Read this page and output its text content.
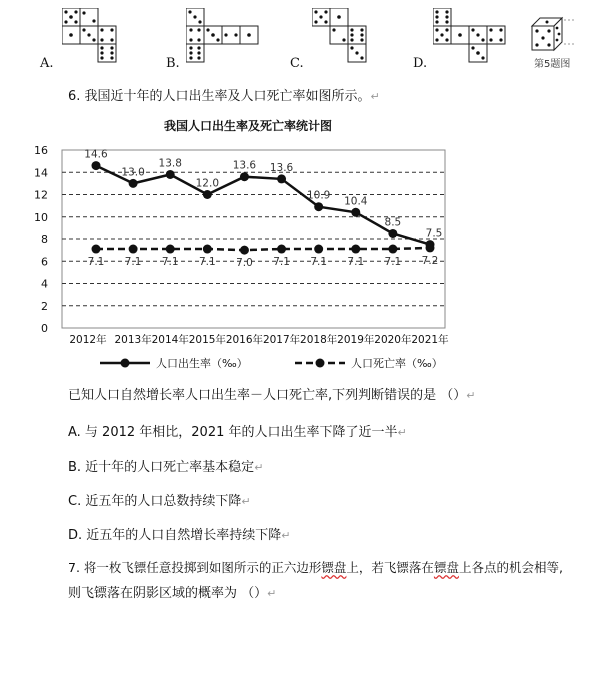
A.	B.	C.	D.	第5题图
6. 我国近十年的人口出生率及人口死亡率如图所示。↵
我国人口出生率及死亡率统计图
0
2
4
6
8
10
12
14
16
2012年 2013年 2014年 2015年 2016年 2017年 2018年 2019年 2020年 2021年
14.6
13.0
13.8
12.0
13.6 13.6
10.9 10.4
8.5
7.5
7.1 7.1 7.1 7.1 7.0 7.1 7.1 7.1 7.1 7.2
人口出生率（‰）	人口死亡率（‰）
已知人口自然增长率人口出生率－人口死亡率,下列判断错误的是 （）↵
A. 与 2012 年相比，2021 年的人口出生率下降了近一半↵
B. 近十年的人口死亡率基本稳定↵
C. 近五年的人口总数持续下降↵
D. 近五年的人口自然增长率持续下降↵
7. 将一枚飞镖任意投掷到如图所示的正六边形镖盘上，若飞镖落在镖盘上各点的机会相等,
则飞镖落在阴影区域的概率为 （）↵
